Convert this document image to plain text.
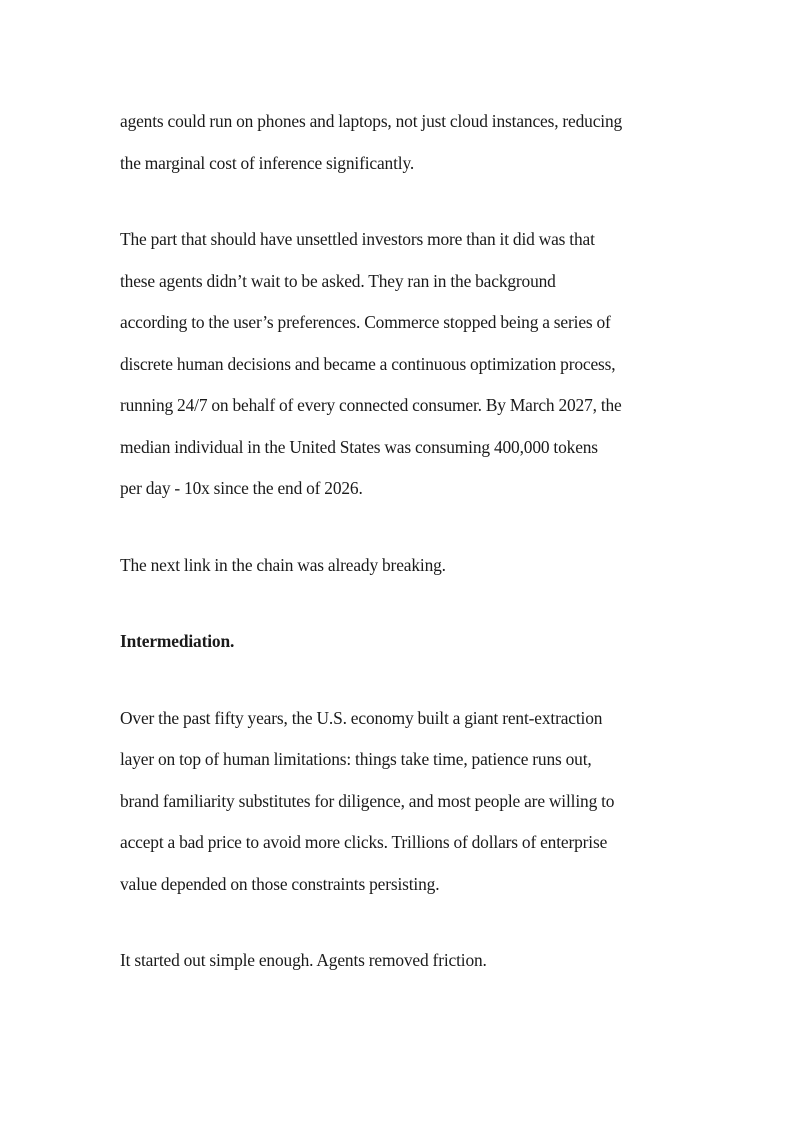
agents could run on phones and laptops, not just cloud instances, reducing
the marginal cost of inference significantly.

The part that should have unsettled investors more than it did was that
these agents didn’t wait to be asked. They ran in the background
according to the user’s preferences. Commerce stopped being a series of
discrete human decisions and became a continuous optimization process,
running 24/7 on behalf of every connected consumer. By March 2027, the
median individual in the United States was consuming 400,000 tokens
per day - 10x since the end of 2026.

The next link in the chain was already breaking.

Intermediation.

Over the past fifty years, the U.S. economy built a giant rent-extraction
layer on top of human limitations: things take time, patience runs out,
brand familiarity substitutes for diligence, and most people are willing to
accept a bad price to avoid more clicks. Trillions of dollars of enterprise
value depended on those constraints persisting.

It started out simple enough. Agents removed friction.
